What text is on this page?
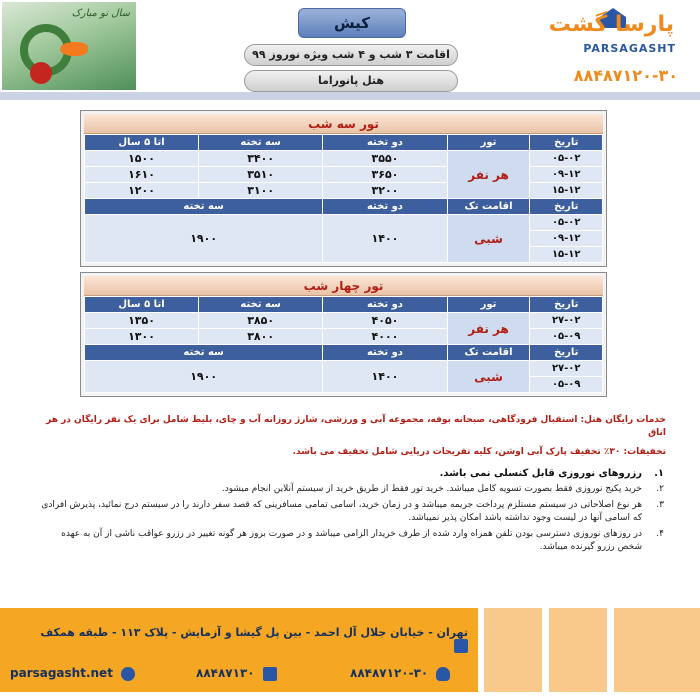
سال نو مبارک
کیش
اقامت ۳ شب و ۴ شب ویژه نوروز ۹۹
هتل پانوراما
پارسا گشت
PARSAGASHT
۸۸۴۸۷۱۲۰-۳۰
تور سه شب
تاریخ	تور	دو تخته	سه تخته	اتا ۵ سال
۰۵-۰۲	هر نفر	۳۵۵۰	۳۴۰۰	۱۵۰۰
۰۹-۱۲		۳۶۵۰	۳۵۱۰	۱۶۱۰
۱۵-۱۲		۳۲۰۰	۳۱۰۰	۱۲۰۰
تاریخ	اقامت تک	دو تخته	سه تخته	
۰۵-۰۲	شبی	۱۴۰۰	۱۹۰۰	
۰۹-۱۲				
۱۵-۱۲				
تور چهار شب
تاریخ	تور	دو تخته	سه تخته	اتا ۵ سال
۲۷-۰۲	هر نفر	۴۰۵۰	۳۸۵۰	۱۳۵۰
۰۵-۰۹		۴۰۰۰	۳۸۰۰	۱۳۰۰
تاریخ	اقامت تک	دو تخته	سه تخته	
۲۷-۰۲	شبی	۱۴۰۰	۱۹۰۰	
۰۵-۰۹				
خدمات رایگان هتل: استقبال فرودگاهی، صبحانه بوفه، مجموعه آبی و ورزشی، شارژ روزانه آب و چای، بلیط شامل برای یک نفر رایگان در هر اتاق
تخفیفات: ۳۰٪ تخفیف پارک آبی اوشن، کلیه تفریحات دریایی شامل تخفیف می باشد.
۱.
رزروهای نوروزی قابل کنسلی نمی باشد.
۲.
خرید پکیج نوروزی فقط بصورت تسویه کامل میباشد. خرید تور فقط از طریق خرید از سیستم آنلاین انجام میشود.
۳.
هر نوع اصلاحاتی در سیستم مستلزم پرداخت جریمه میباشد و در زمان خرید، اسامی تمامی مسافرینی که قصد سفر دارند را در سیستم درج نمائید، پذیرش افرادی که اسامی آنها در لیست وجود نداشته باشد امکان پذیر نمیباشد.
۴.
در روزهای نوروزی دسترسی بودن تلفن همراه وارد شده از طرف خریدار الزامی میباشد و در صورت بروز هر گونه تغییر در رزرو عواقب ناشی از آن به عهده شخص رزرو گیرنده میباشد.
تهران - خیابان جلال آل احمد - بین پل گیشا و آزمایش - پلاک ۱۱۳ - طبقه همکف
parsagasht.net	۸۸۴۸۷۱۳۰	۸۸۴۸۷۱۲۰-۳۰
